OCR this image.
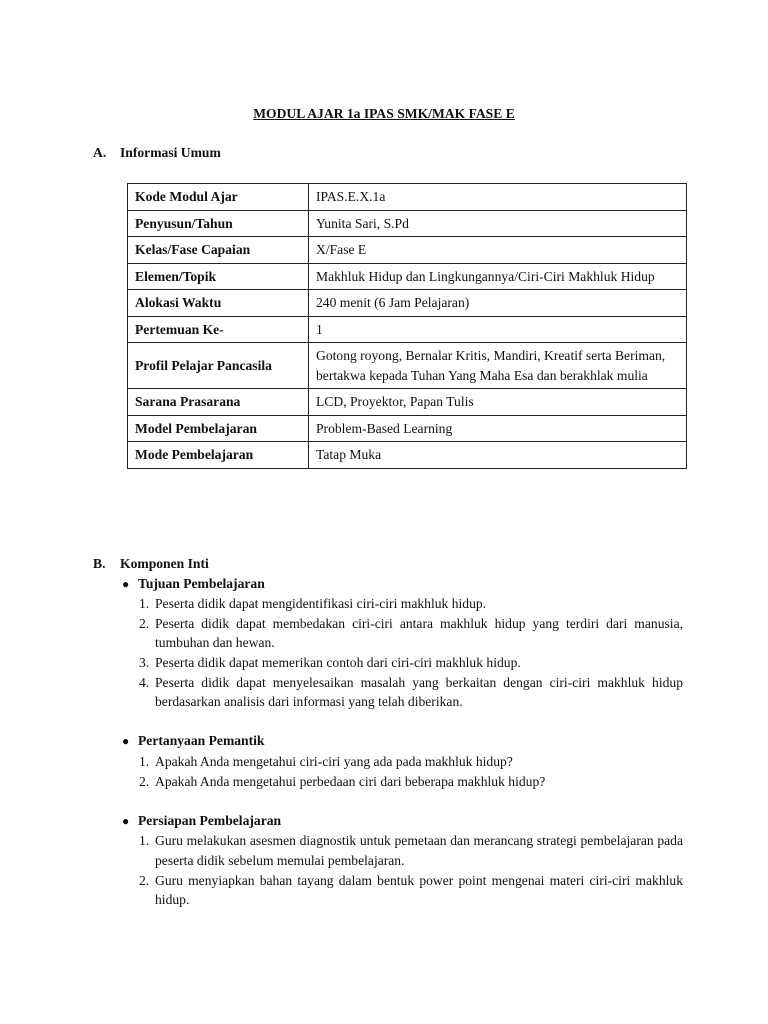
MODUL AJAR 1a IPAS SMK/MAK FASE E
A. Informasi Umum
Kode Modul Ajar	IPAS.E.X.1a
Penyusun/Tahun	Yunita Sari, S.Pd
Kelas/Fase Capaian	X/Fase E
Elemen/Topik	Makhluk Hidup dan Lingkungannya/Ciri-Ciri Makhluk Hidup
Alokasi Waktu	240 menit (6 Jam Pelajaran)
Pertemuan Ke-	1
Profil Pelajar Pancasila	Gotong royong, Bernalar Kritis, Mandiri, Kreatif serta Beriman, bertakwa kepada Tuhan Yang Maha Esa dan berakhlak mulia
Sarana Prasarana	LCD, Proyektor, Papan Tulis
Model Pembelajaran	Problem-Based Learning
Mode Pembelajaran	Tatap Muka
B. Komponen Inti
● Tujuan Pembelajaran
1. Peserta didik dapat mengidentifikasi ciri-ciri makhluk hidup.
2. Peserta didik dapat membedakan ciri-ciri antara makhluk hidup yang terdiri dari manusia, tumbuhan dan hewan.
3. Peserta didik dapat memerikan contoh dari ciri-ciri makhluk hidup.
4. Peserta didik dapat menyelesaikan masalah yang berkaitan dengan ciri-ciri makhluk hidup berdasarkan analisis dari informasi yang telah diberikan.
● Pertanyaan Pemantik
1. Apakah Anda mengetahui ciri-ciri yang ada pada makhluk hidup?
2. Apakah Anda mengetahui perbedaan ciri dari beberapa makhluk hidup?
● Persiapan Pembelajaran
1. Guru melakukan asesmen diagnostik untuk pemetaan dan merancang strategi pembelajaran pada peserta didik sebelum memulai pembelajaran.
2. Guru menyiapkan bahan tayang dalam bentuk power point mengenai materi ciri-ciri makhluk hidup.
